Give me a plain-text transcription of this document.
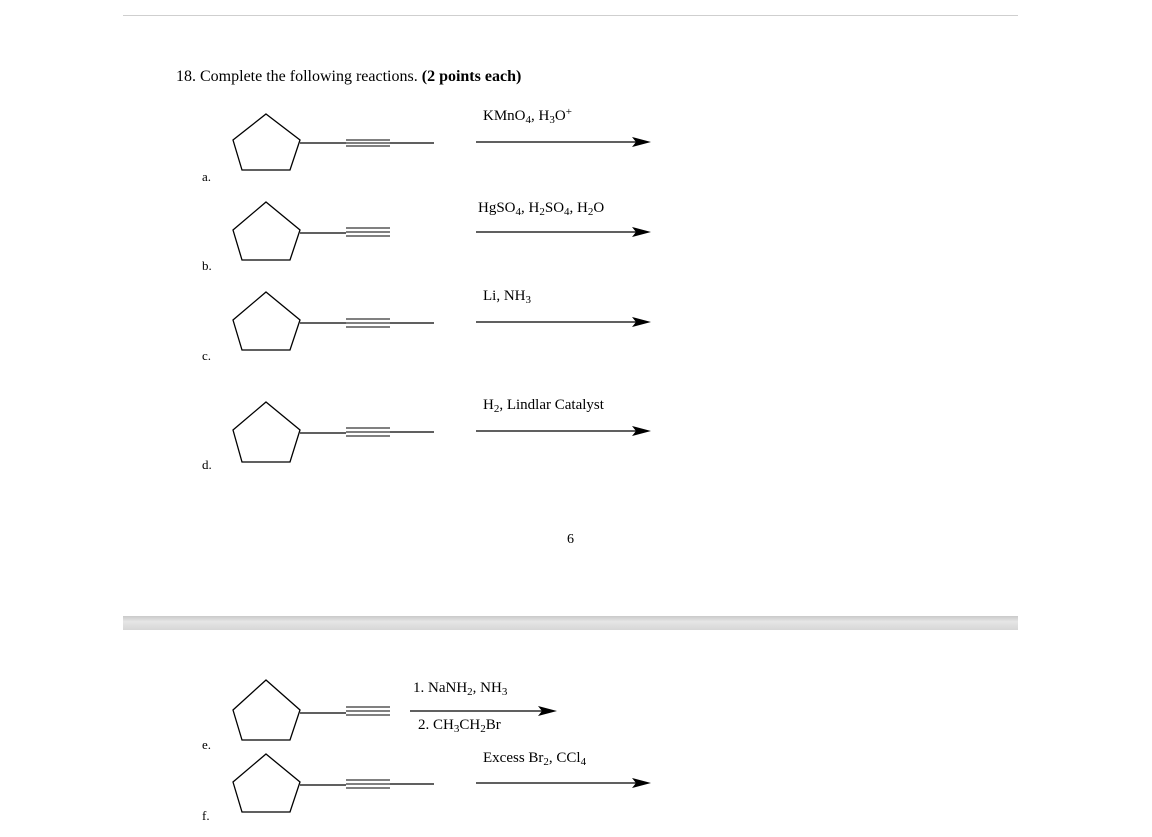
18. Complete the following reactions. (2 points each)
a.
b.
c.
d.
e.
f.
KMnO$_4$, $H_3O^+$
HgSO$_4$, $H_2SO_4$, $H_2O$
Li, $NH_3$
$H_2$, Lindlar Catalyst
1. NaNH$_2$, $NH_3$
2. $CH_3CH_2Br$
Excess $Br_2$, CCl$_4$
6
